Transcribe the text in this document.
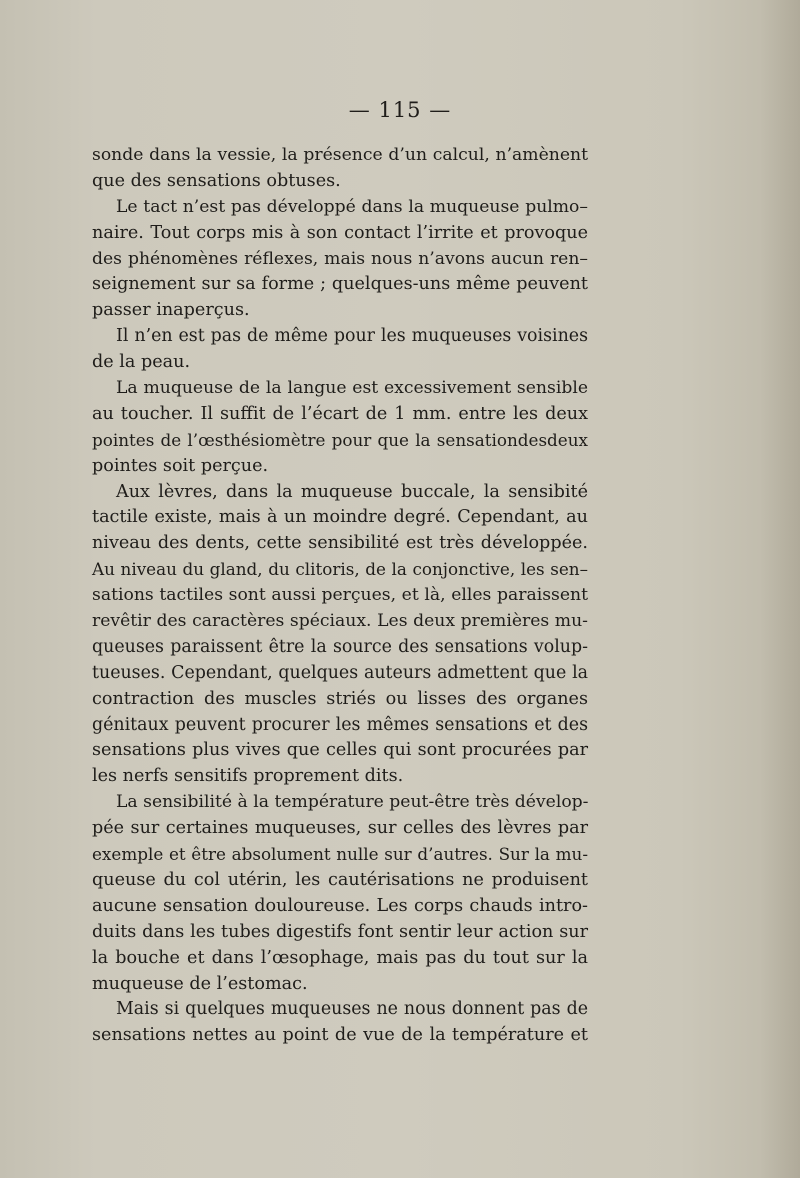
— 115 —
sonde dans la vessie, la présence d’un calcul, n’amènent
que des sensations obtuses.
Le tact n’est pas développé dans la muqueuse pulmo–
naire. Tout corps mis à son contact l’irrite et provoque
des phénomènes réflexes, mais nous n’avons aucun ren–
seignement sur sa forme ; quelques-uns même peuvent
passer inaperçus.
Il n’en est pas de même pour les muqueuses voisines
de la peau.
La muqueuse de la langue est excessivement sensible
au toucher. Il suffit de l’écart de 1 mm. entre les deux
pointes de l’œsthésiomètre pour que la sensationdesdeux
pointes soit perçue.
Aux lèvres, dans la muqueuse buccale, la sensibité
tactile existe, mais à un moindre degré. Cependant, au
niveau des dents, cette sensibilité est très développée.
Au niveau du gland, du clitoris, de la conjonctive, les sen–
sations tactiles sont aussi perçues, et là, elles paraissent
revêtir des caractères spéciaux. Les deux premières mu-
queuses paraissent être la source des sensations volup-
tueuses. Cependant, quelques auteurs admettent que la
contraction des muscles striés ou lisses des organes
génitaux peuvent procurer les mêmes sensations et des
sensations plus vives que celles qui sont procurées par
les nerfs sensitifs proprement dits.
La sensibilité à la température peut-être très dévelop-
pée sur certaines muqueuses, sur celles des lèvres par
exemple et être absolument nulle sur d’autres. Sur la mu-
queuse du col utérin, les cautérisations ne produisent
aucune sensation douloureuse. Les corps chauds intro-
duits dans les tubes digestifs font sentir leur action sur
la bouche et dans l’œsophage, mais pas du tout sur la
muqueuse de l’estomac.
Mais si quelques muqueuses ne nous donnent pas de
sensations nettes au point de vue de la température et
